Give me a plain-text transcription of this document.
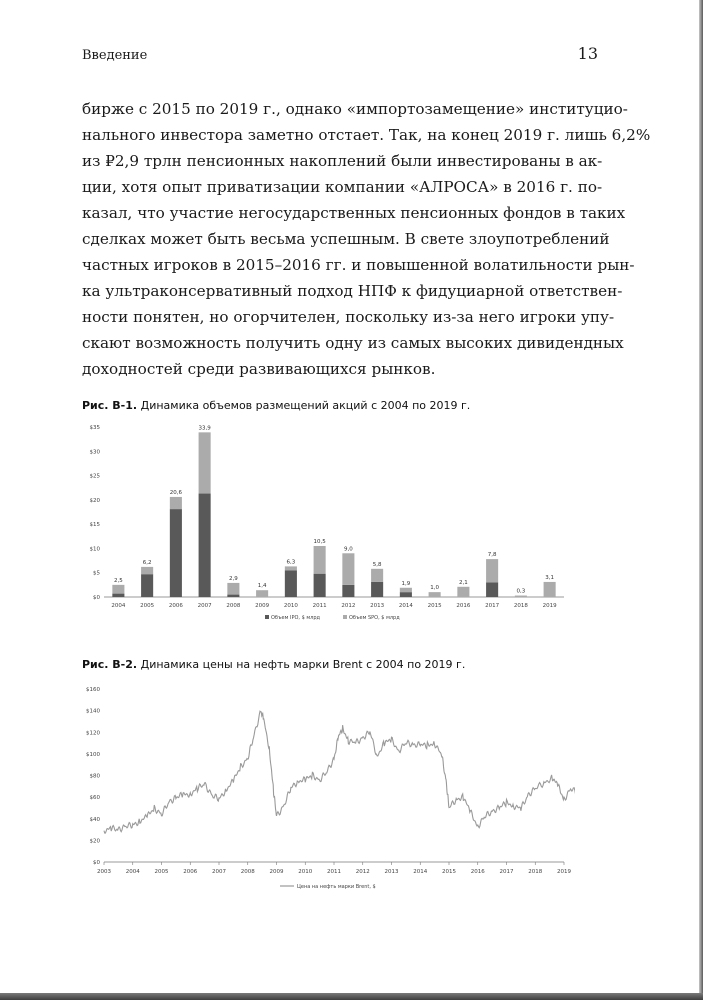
Введение	13
бирже с 2015 по 2019 г., однако «импортозамещение» институцио-
нального инвестора заметно отстает. Так, на конец 2019 г. лишь 6,2%
из ₽2,9 трлн пенсионных накоплений были инвестированы в ак-
ции, хотя опыт приватизации компании «АЛРОСА» в 2016 г. по-
казал, что участие негосударственных пенсионных фондов в таких
сделках может быть весьма успешным. В свете злоупотреблений
частных игроков в 2015–2016 гг. и повышенной волатильности рын-
ка ультраконсервативный подход НПФ к фидуциарной ответствен-
ности понятен, но огорчителен, поскольку из-за него игроки упу-
скают возможность получить одну из самых высоких дивидендных
доходностей среди развивающихся рынков.
Рис. В-1. Динамика объемов размещений акций с 2004 по 2019 г.
$0
$5
$10
$15
$20
$25
$30
$35
2,5
2004
6,2
2005
20,6
2006
33,9
2007
2,9
2008
1,4
2009
6,3
2010
10,5
2011
9,0
2012
5,8
2013
1,9
2014
1,0
2015
2,1
2016
7,8
2017
0,3
2018
3,1
2019
Объем IPO, $ млрд	Объем SPO, $ млрд
Рис. В-2. Динамика цены на нефть марки Brent с 2004 по 2019 г.
$0
$20
$40
$60
$80
$100
$120
$140
$160
2003	2004	2005	2006	2007	2008	2009	2010	2011	2012	2013	2014	2015	2016	2017	2018	2019
Цена на нефть марки Brent, $
